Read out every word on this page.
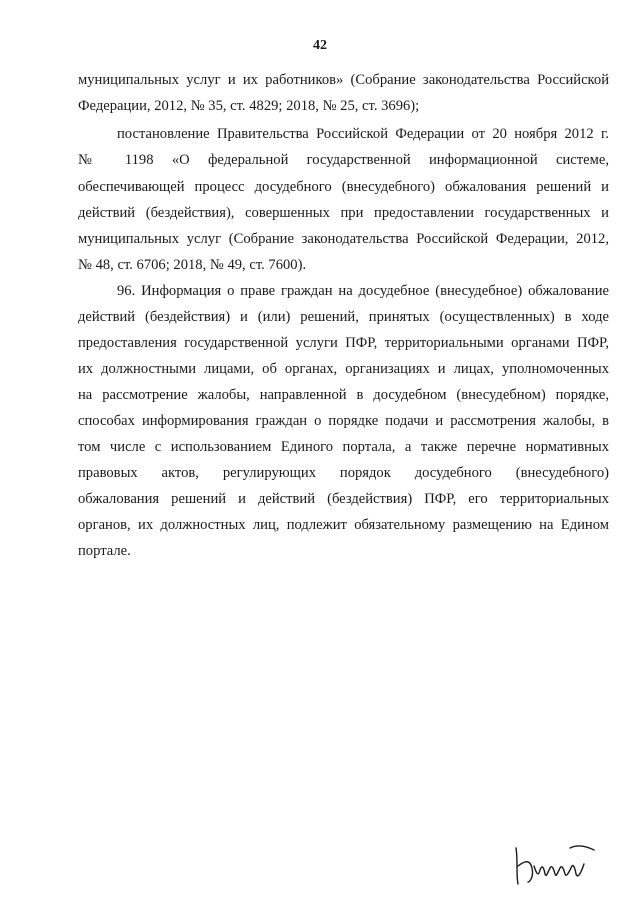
42
муниципальных услуг и их работников» (Собрание законодательства Российской
Федерации, 2012, № 35, ст. 4829; 2018, № 25, ст. 3696);
постановление Правительства Российской Федерации от 20 ноября 2012 г.
№ 1198 «О федеральной государственной информационной системе,
обеспечивающей процесс досудебного (внесудебного) обжалования решений и
действий (бездействия), совершенных при предоставлении государственных и
муниципальных услуг (Собрание законодательства Российской Федерации, 2012,
№ 48, ст. 6706; 2018, № 49, ст. 7600).
96. Информация о праве граждан на досудебное (внесудебное) обжалование
действий (бездействия) и (или) решений, принятых (осуществленных) в ходе
предоставления государственной услуги ПФР, территориальными органами ПФР,
их должностными лицами, об органах, организациях и лицах, уполномоченных
на рассмотрение жалобы, направленной в досудебном (внесудебном) порядке,
способах информирования граждан о порядке подачи и рассмотрения жалобы, в
том числе с использованием Единого портала, а также перечне нормативных
правовых актов, регулирующих порядок досудебного (внесудебного)
обжалования решений и действий (бездействия) ПФР, его территориальных
органов, их должностных лиц, подлежит обязательному размещению на Едином
портале.
